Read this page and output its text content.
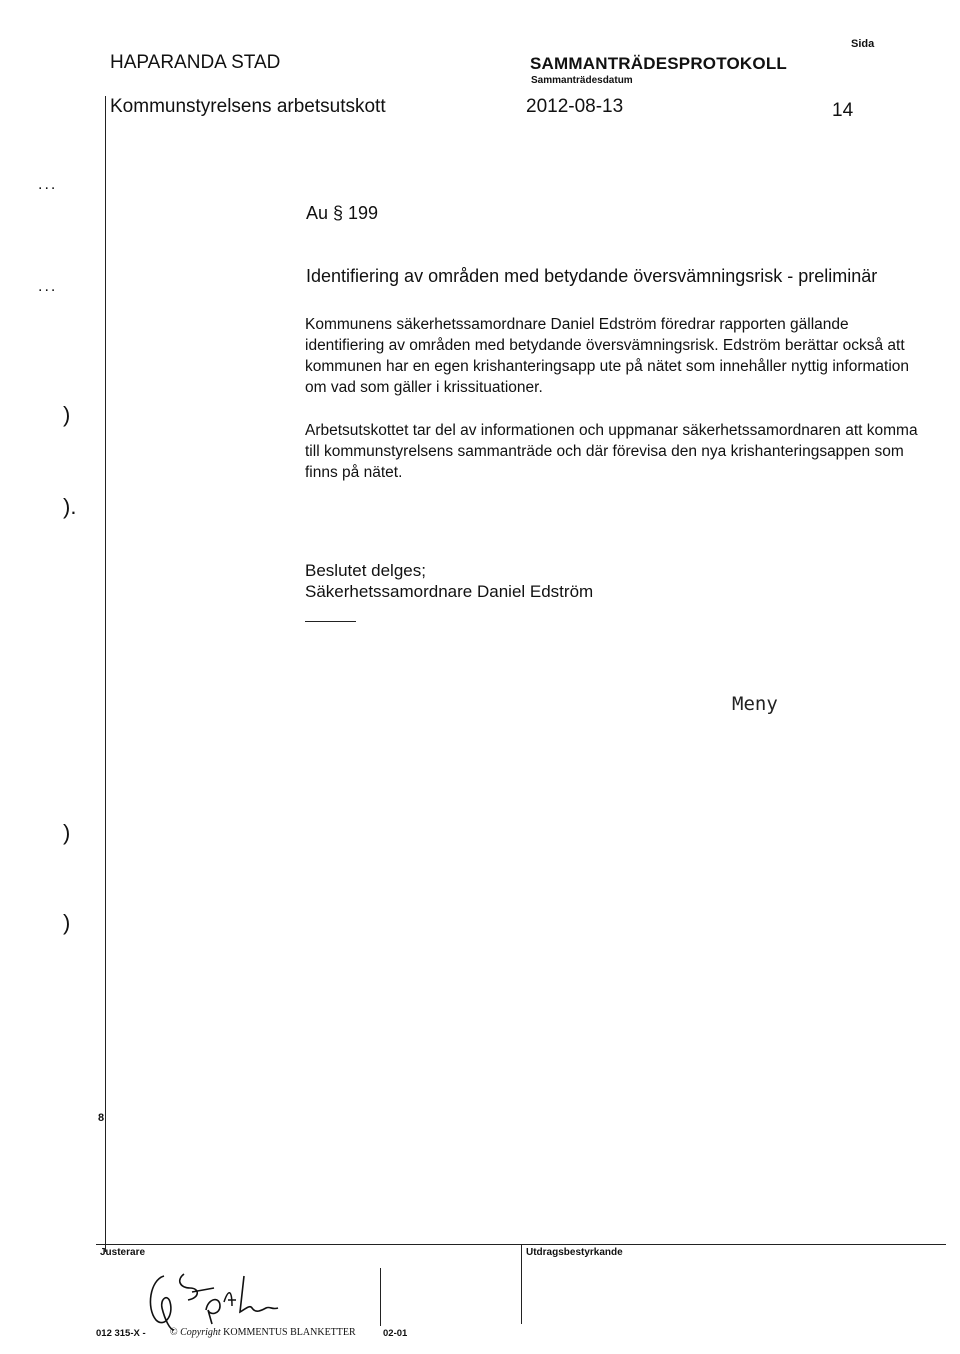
HAPARANDA STAD
Kommunstyrelsens arbetsutskott
SAMMANTRÄDESPROTOKOLL
Sammanträdesdatum
2012-08-13
Sida
14
...
...
)
).
)
)
8
Au § 199
Identifiering av områden med betydande översvämningsrisk - preliminär
Kommunens säkerhetssamordnare Daniel Edström föredrar rapporten gällande identifiering av områden med betydande översvämningsrisk. Edström berättar också att kommunen har en egen krishanteringsapp ute på nätet som innehåller nyttig information om vad som gäller i krissituationer.
Arbetsutskottet tar del av informationen och uppmanar säkerhetssamordnaren att komma till kommunstyrelsens sammanträde och där förevisa den nya krishanteringsappen som finns på nätet.
Beslutet delges;
Säkerhetssamordnare Daniel Edström
Meny
Justerare	Utdragsbestyrkande
012 315-X - © Copyright KOMMENTUS BLANKETTER	02-01
